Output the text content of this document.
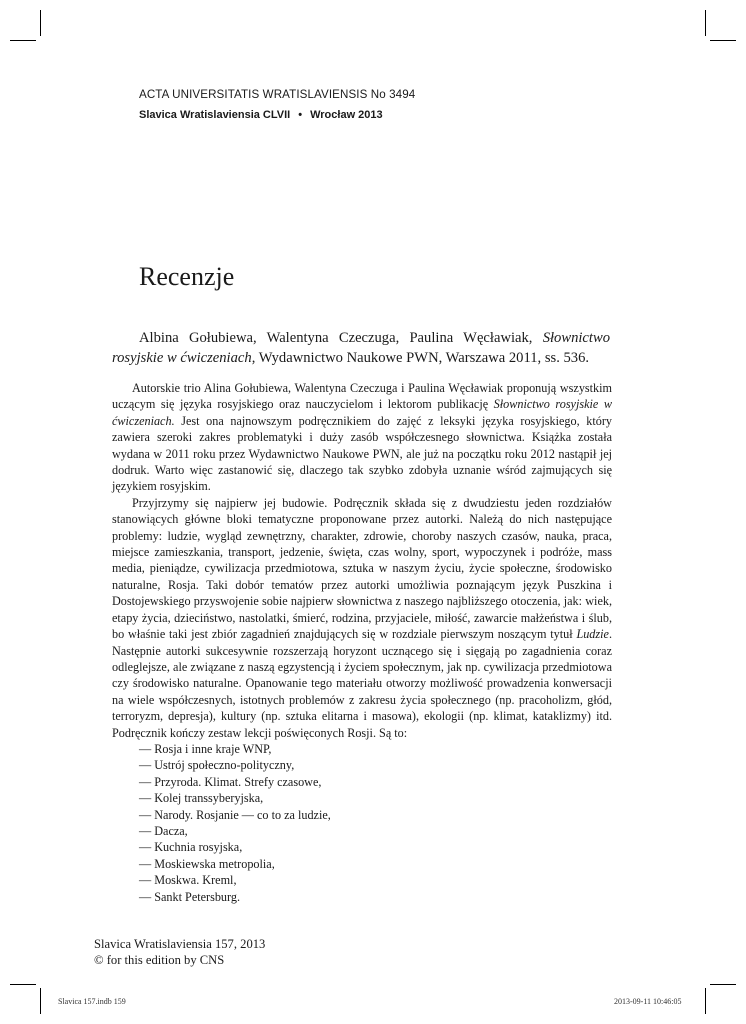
ACTA UNIVERSITATIS WRATISLAVIENSIS No 3494
Slavica Wratislaviensia CLVII • Wrocław 2013
Recenzje

Albina Gołubiewa, Walentyna Czeczuga, Paulina Węcławiak, Słownictwo rosyjskie w ćwiczeniach, Wydawnictwo Naukowe PWN, Warszawa 2011, ss. 536.

Autorskie trio Alina Gołubiewa, Walentyna Czeczuga i Paulina Węcławiak proponują wszystkim uczącym się języka rosyjskiego oraz nauczycielom i lektorom publikację Słownictwo rosyjskie w ćwiczeniach. Jest ona najnowszym podręcznikiem do zajęć z leksyki języka rosyjskiego, który zawiera szeroki zakres problematyki i duży zasób współczesnego słownictwa. Książka została wydana w 2011 roku przez Wydawnictwo Naukowe PWN, ale już na początku roku 2012 nastąpił jej dodruk. Warto więc zastanowić się, dlaczego tak szybko zdobyła uznanie wśród zajmujących się językiem rosyjskim.

Przyjrzymy się najpierw jej budowie. Podręcznik składa się z dwudziestu jeden rozdziałów stanowiących główne bloki tematyczne proponowane przez autorki. Należą do nich następujące problemy: ludzie, wygląd zewnętrzny, charakter, zdrowie, choroby naszych czasów, nauka, praca, miejsce zamieszkania, transport, jedzenie, święta, czas wolny, sport, wypoczynek i podróże, mass media, pieniądze, cywilizacja przedmiotowa, sztuka w naszym życiu, życie społeczne, środowisko naturalne, Rosja. Taki dobór tematów przez autorki umożliwia poznającym język Puszkina i Dostojewskiego przyswojenie sobie najpierw słownictwa z naszego najbliższego otoczenia, jak: wiek, etapy życia, dzieciństwo, nastolatki, śmierć, rodzina, przyjaciele, miłość, zawarcie małżeństwa i ślub, bo właśnie taki jest zbiór zagadnień znajdujących się w rozdziale pierwszym noszącym tytuł Ludzie. Następnie autorki sukcesywnie rozszerzają horyzont ucznącego się i sięgają po zagadnienia coraz odleglejsze, ale związane z naszą egzystencją i życiem społecznym, jak np. cywilizacja przedmiotowa czy środowisko naturalne. Opanowanie tego materiału otworzy możliwość prowadzenia konwersacji na wiele współczesnych, istotnych problemów z zakresu życia społecznego (np. pracoholizm, głód, terroryzm, depresja), kultury (np. sztuka elitarna i masowa), ekologii (np. klimat, kataklizmy) itd. Podręcznik kończy zestaw lekcji poświęconych Rosji. Są to:

— Rosja i inne kraje WNP,
— Ustrój społeczno-polityczny,
— Przyroda. Klimat. Strefy czasowe,
— Kolej transsyberyjska,
— Narody. Rosjanie — co to za ludzie,
— Dacza,
— Kuchnia rosyjska,
— Moskiewska metropolia,
— Moskwa. Kreml,
— Sankt Petersburg.
Slavica Wratislaviensia 157, 2013
© for this edition by CNS
Slavica 157.indb 159	2013-09-11 10:46:05
